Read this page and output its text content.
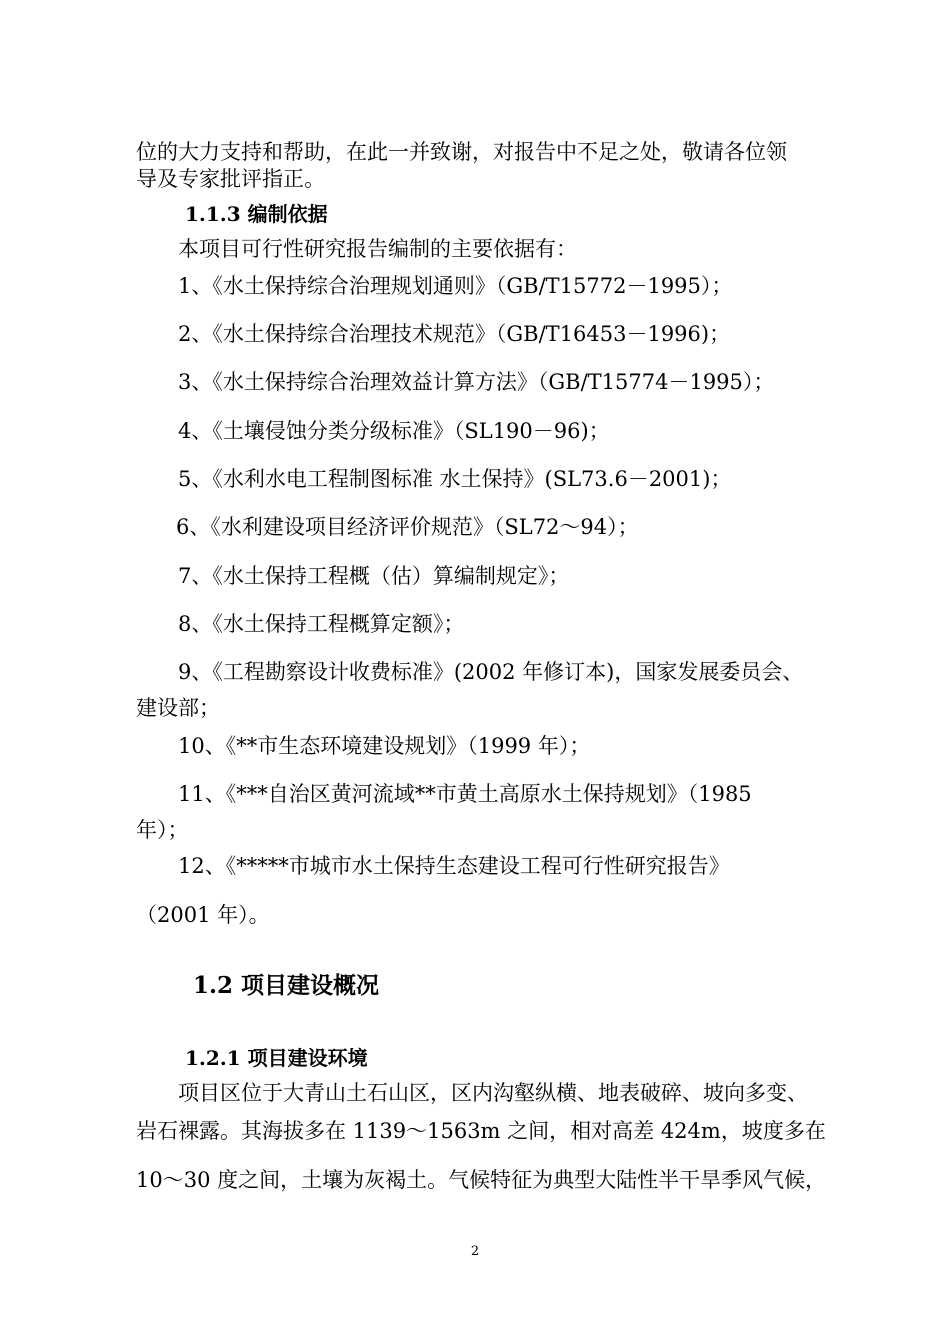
位的大力支持和帮助，在此一并致谢，对报告中不足之处，敬请各位领
导及专家批评指正。
1.1.3 编制依据
本项目可行性研究报告编制的主要依据有：
1、《水土保持综合治理规划通则》（GB/T15772－1995）；
2、《水土保持综合治理技术规范》（GB/T16453－1996)；
3、《水土保持综合治理效益计算方法》（GB/T15774－1995）；
4、《土壤侵蚀分类分级标准》（SL190－96)；
5、《水利水电工程制图标准 水土保持》(SL73.6－2001)；
6、《水利建设项目经济评价规范》（SL72～94）；
7、《水土保持工程概（估）算编制规定》；
8、《水土保持工程概算定额》；
9、《工程勘察设计收费标准》(2002 年修订本)，国家发展委员会、
建设部；
10、《**市生态环境建设规划》（1999 年）；
11、《***自治区黄河流域**市黄土高原水土保持规划》（1985
年）；
12、《*****市城市水土保持生态建设工程可行性研究报告》
（2001 年）。
1.2 项目建设概况
1.2.1 项目建设环境
项目区位于大青山土石山区，区内沟壑纵横、地表破碎、坡向多变、
岩石裸露。其海拔多在 1139～1563m 之间，相对高差 424m，坡度多在
10～30 度之间，土壤为灰褐土。气候特征为典型大陆性半干旱季风气候，
2
